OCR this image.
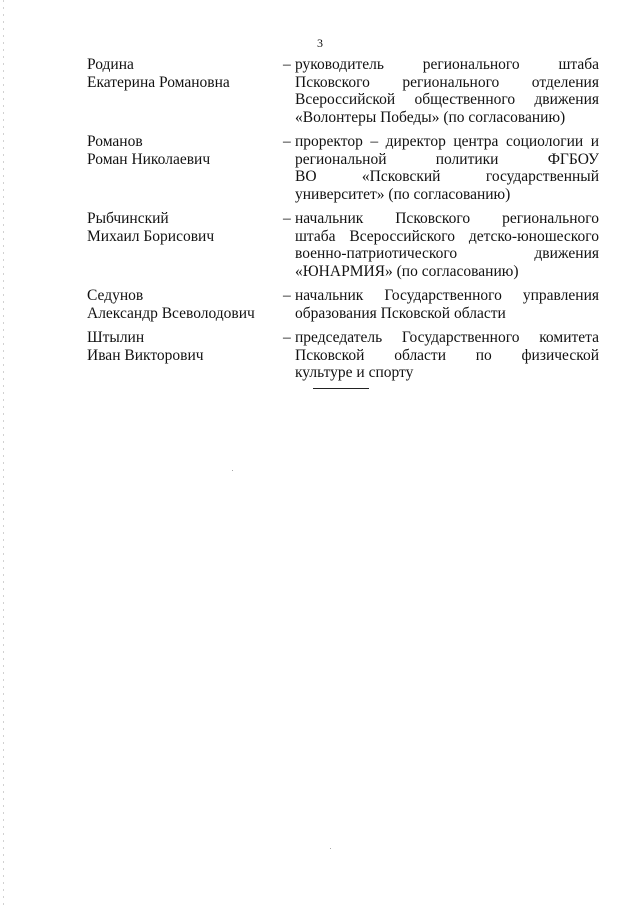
3
Родина
Екатерина Романовна
– руководитель регионального штаба
Псковского регионального отделения
Всероссийской общественного движения
«Волонтеры Победы» (по согласованию)
Романов
Роман Николаевич
– проректор – директор центра социологии и
региональной политики ФГБОУ
ВО «Псковский государственный
университет» (по согласованию)
Рыбчинский
Михаил Борисович
– начальник Псковского регионального
штаба Всероссийского детско-юношеского
военно-патриотического движения
«ЮНАРМИЯ» (по согласованию)
Седунов
Александр Всеволодович
– начальник Государственного управления
образования Псковской области
Штылин
Иван Викторович
– председатель Государственного комитета
Псковской области по физической
культуре и спорту
